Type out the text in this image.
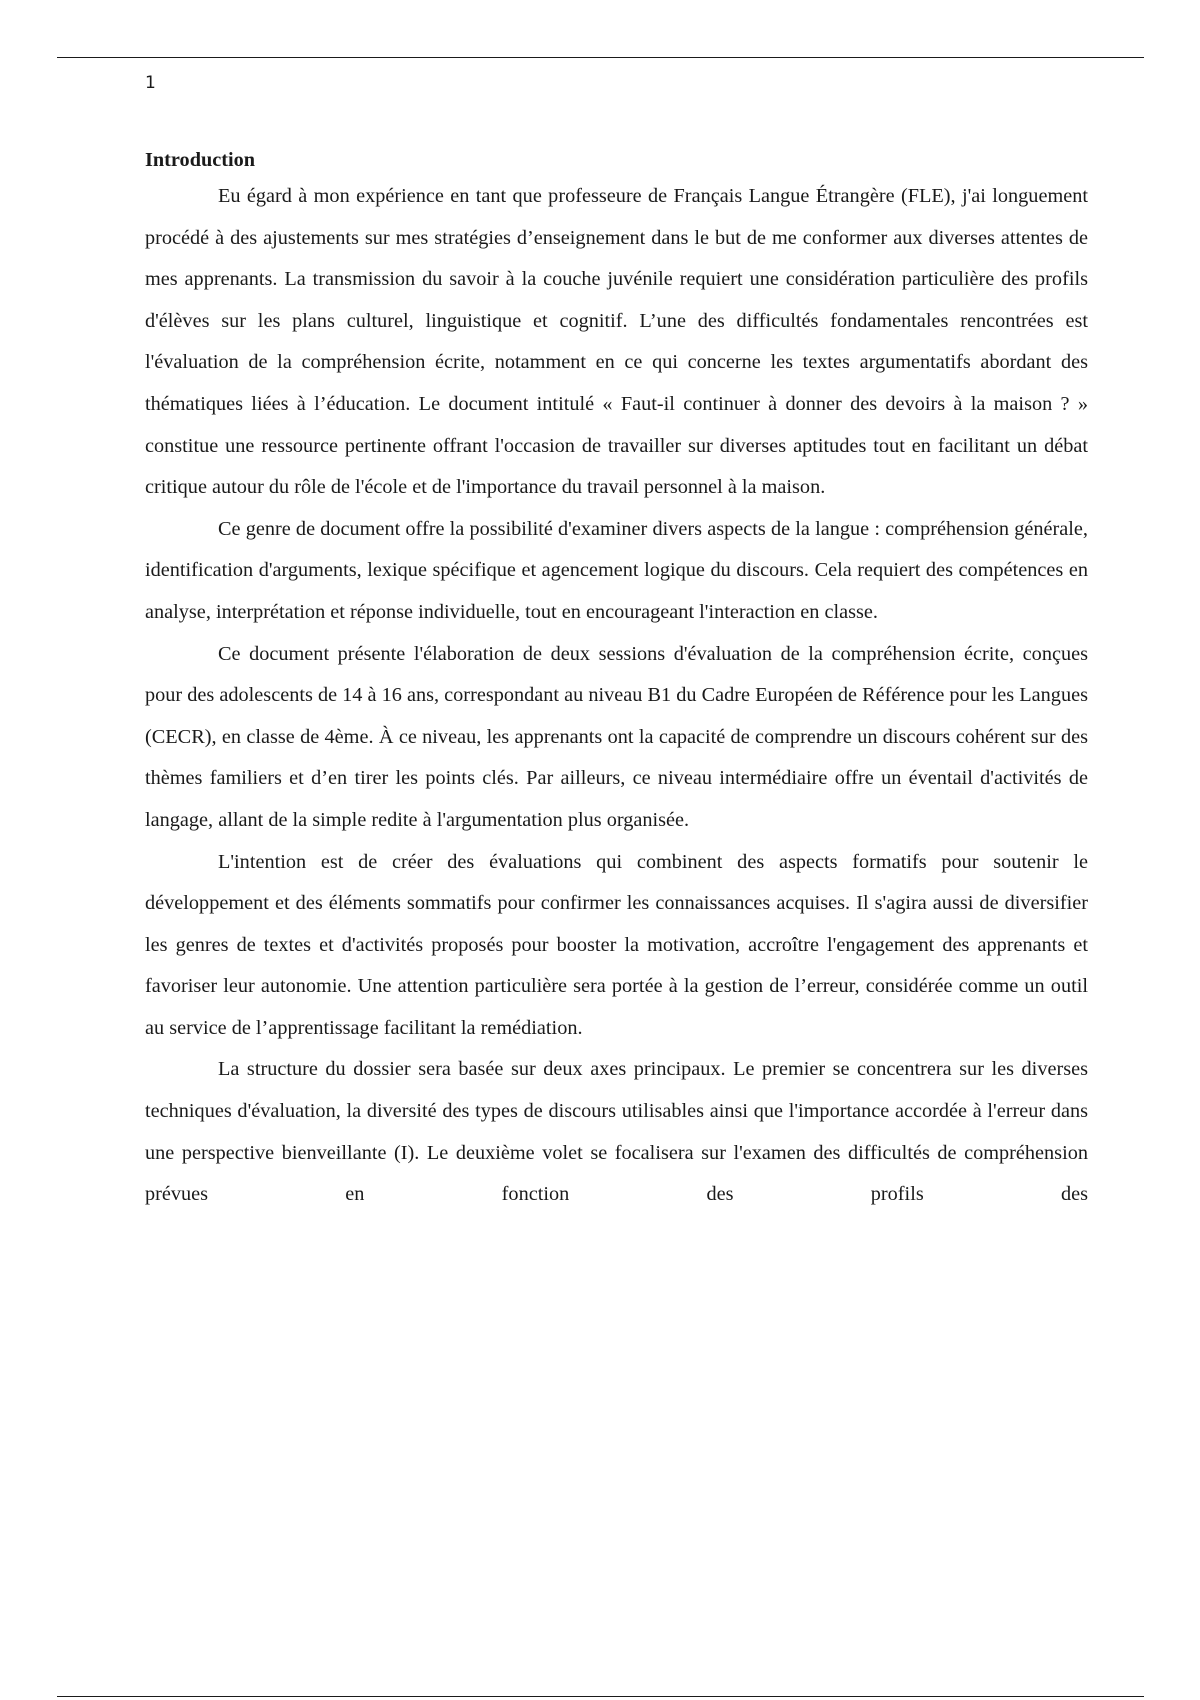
1

Introduction

Eu égard à mon expérience en tant que professeure de Français Langue Étrangère (FLE), j'ai longuement procédé à des ajustements sur mes stratégies d’enseignement dans le but de me conformer aux diverses attentes de mes apprenants. La transmission du savoir à la couche juvénile requiert une considération particulière des profils d'élèves sur les plans culturel, linguistique et cognitif. L’une des difficultés fondamentales rencontrées est l'évaluation de la compréhension écrite, notamment en ce qui concerne les textes argumentatifs abordant des thématiques liées à l’éducation. Le document intitulé « Faut-il continuer à donner des devoirs à la maison ? » constitue une ressource pertinente offrant l'occasion de travailler sur diverses aptitudes tout en facilitant un débat critique autour du rôle de l'école et de l'importance du travail personnel à la maison.

Ce genre de document offre la possibilité d'examiner divers aspects de la langue : compréhension générale, identification d'arguments, lexique spécifique et agencement logique du discours. Cela requiert des compétences en analyse, interprétation et réponse individuelle, tout en encourageant l'interaction en classe.

Ce document présente l'élaboration de deux sessions d'évaluation de la compréhension écrite, conçues pour des adolescents de 14 à 16 ans, correspondant au niveau B1 du Cadre Européen de Référence pour les Langues (CECR), en classe de 4ème. À ce niveau, les apprenants ont la capacité de comprendre un discours cohérent sur des thèmes familiers et d’en tirer les points clés. Par ailleurs, ce niveau intermédiaire offre un éventail d'activités de langage, allant de la simple redite à l'argumentation plus organisée.

L'intention est de créer des évaluations qui combinent des aspects formatifs pour soutenir le développement et des éléments sommatifs pour confirmer les connaissances acquises. Il s'agira aussi de diversifier les genres de textes et d'activités proposés pour booster la motivation, accroître l'engagement des apprenants et favoriser leur autonomie. Une attention particulière sera portée à la gestion de l’erreur, considérée comme un outil au service de l’apprentissage facilitant la remédiation.

La structure du dossier sera basée sur deux axes principaux. Le premier se concentrera sur les diverses techniques d'évaluation, la diversité des types de discours utilisables ainsi que l'importance accordée à l'erreur dans une perspective bienveillante (I). Le deuxième volet se focalisera sur l'examen des difficultés de compréhension prévues en fonction des profils des
